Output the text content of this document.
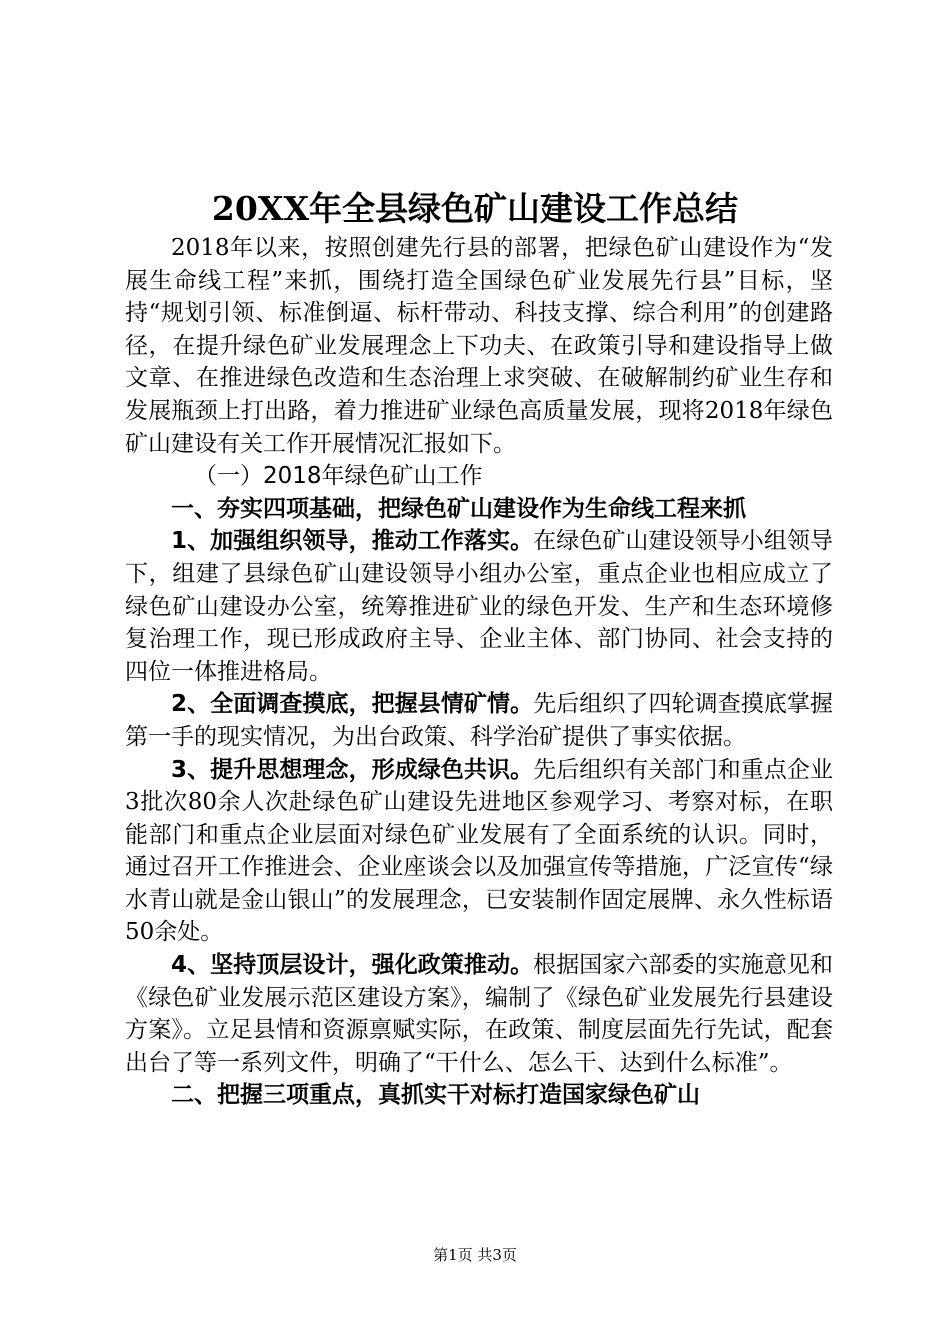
20XX年全县绿色矿山建设工作总结

2018年以来，按照创建先行县的部署，把绿色矿山建设作为“发展生命线工程”来抓，围绕打造全国绿色矿业发展先行县”目标，坚持“规划引领、标准倒逼、标杆带动、科技支撑、综合利用”的创建路径，在提升绿色矿业发展理念上下功夫、在政策引导和建设指导上做文章、在推进绿色改造和生态治理上求突破、在破解制约矿业生存和发展瓶颈上打出路，着力推进矿业绿色高质量发展，现将2018年绿色矿山建设有关工作开展情况汇报如下。

（一）2018年绿色矿山工作

一、夯实四项基础，把绿色矿山建设作为生命线工程来抓

1、加强组织领导，推动工作落实。在绿色矿山建设领导小组领导下，组建了县绿色矿山建设领导小组办公室，重点企业也相应成立了绿色矿山建设办公室，统筹推进矿业的绿色开发、生产和生态环境修复治理工作，现已形成政府主导、企业主体、部门协同、社会支持的四位一体推进格局。

2、全面调查摸底，把握县情矿情。先后组织了四轮调查摸底掌握第一手的现实情况，为出台政策、科学治矿提供了事实依据。

3、提升思想理念，形成绿色共识。先后组织有关部门和重点企业3批次80余人次赴绿色矿山建设先进地区参观学习、考察对标，在职能部门和重点企业层面对绿色矿业发展有了全面系统的认识。同时，通过召开工作推进会、企业座谈会以及加强宣传等措施，广泛宣传“绿水青山就是金山银山”的发展理念，已安装制作固定展牌、永久性标语50余处。

4、坚持顶层设计，强化政策推动。根据国家六部委的实施意见和《绿色矿业发展示范区建设方案》，编制了《绿色矿业发展先行县建设方案》。立足县情和资源禀赋实际，在政策、制度层面先行先试，配套出台了等一系列文件，明确了“干什么、怎么干、达到什么标准”。

二、把握三项重点，真抓实干对标打造国家绿色矿山

第1页 共3页
